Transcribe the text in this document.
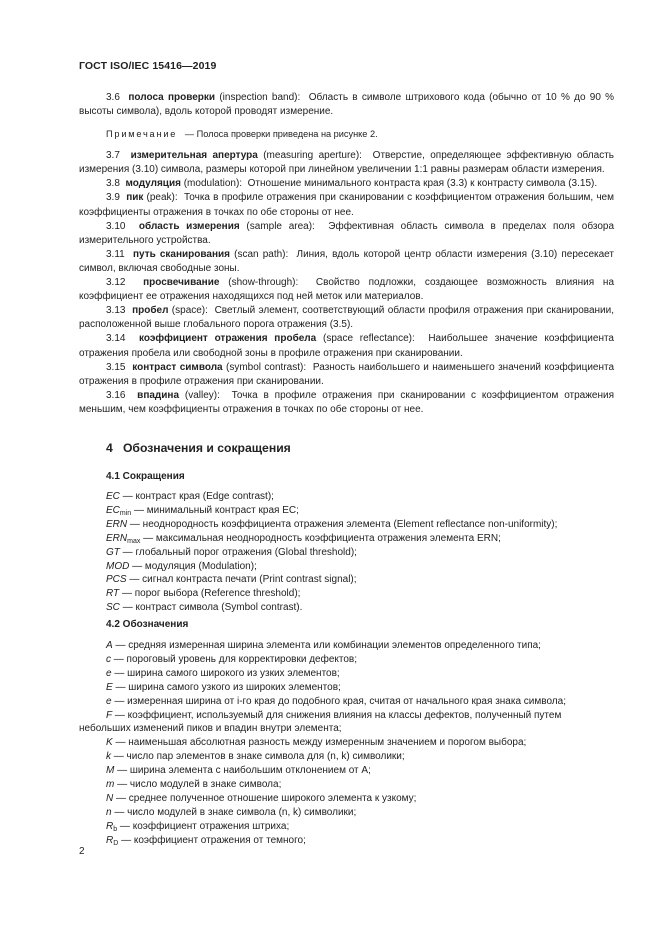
ГОСТ ISO/IEC 15416—2019
3.6 полоса проверки (inspection band): Область в символе штрихового кода (обычно от 10 % до 90 % высоты символа), вдоль которой проводят измерение.
Примечание — Полоса проверки приведена на рисунке 2.
3.7 измерительная апертура (measuring aperture): Отверстие, определяющее эффективную область измерения (3.10) символа, размеры которой при линейном увеличении 1:1 равны размерам области измерения.
3.8 модуляция (modulation): Отношение минимального контраста края (3.3) к контрасту символа (3.15).
3.9 пик (peak): Точка в профиле отражения при сканировании с коэффициентом отражения большим, чем коэффициенты отражения в точках по обе стороны от нее.
3.10 область измерения (sample area): Эффективная область символа в пределах поля обзора измерительного устройства.
3.11 путь сканирования (scan path): Линия, вдоль которой центр области измерения (3.10) пересекает символ, включая свободные зоны.
3.12 просвечивание (show-through): Свойство подложки, создающее возможность влияния на коэффициент ее отражения находящихся под ней меток или материалов.
3.13 пробел (space): Светлый элемент, соответствующий области профиля отражения при сканировании, расположенной выше глобального порога отражения (3.5).
3.14 коэффициент отражения пробела (space reflectance): Наибольшее значение коэффициента отражения пробела или свободной зоны в профиле отражения при сканировании.
3.15 контраст символа (symbol contrast): Разность наибольшего и наименьшего значений коэффициента отражения в профиле отражения при сканировании.
3.16 впадина (valley): Точка в профиле отражения при сканировании с коэффициентом отражения меньшим, чем коэффициенты отражения в точках по обе стороны от нее.
4 Обозначения и сокращения
4.1 Сокращения
EC — контраст края (Edge contrast);
$EC_{min}$ — минимальный контраст края EC;
ERN — неоднородность коэффициента отражения элемента (Element reflectance non-uniformity);
$ERN_{max}$ — максимальная неоднородность коэффициента отражения элемента ERN;
GT — глобальный порог отражения (Global threshold);
MOD — модуляция (Modulation);
PCS — сигнал контраста печати (Print contrast signal);
RT — порог выбора (Reference threshold);
SC — контраст символа (Symbol contrast).
4.2 Обозначения
A — средняя измеренная ширина элемента или комбинации элементов определенного типа;
c — пороговый уровень для корректировки дефектов;
e — ширина самого широкого из узких элементов;
E — ширина самого узкого из широких элементов;
e — измеренная ширина от i-го края до подобного края, считая от начального края знака символа;
F — коэффициент, используемый для снижения влияния на классы дефектов, полученный путем небольших изменений пиков и впадин внутри элемента;
K — наименьшая абсолютная разность между измеренным значением и порогом выбора;
k — число пар элементов в знаке символа для (n, k) символики;
M — ширина элемента с наибольшим отклонением от A;
m — число модулей в знаке символа;
N — среднее полученное отношение широкого элемента к узкому;
n — число модулей в знаке символа (n, k) символики;
$R_b$ — коэффициент отражения штриха;
$R_D$ — коэффициент отражения от темного;
2
